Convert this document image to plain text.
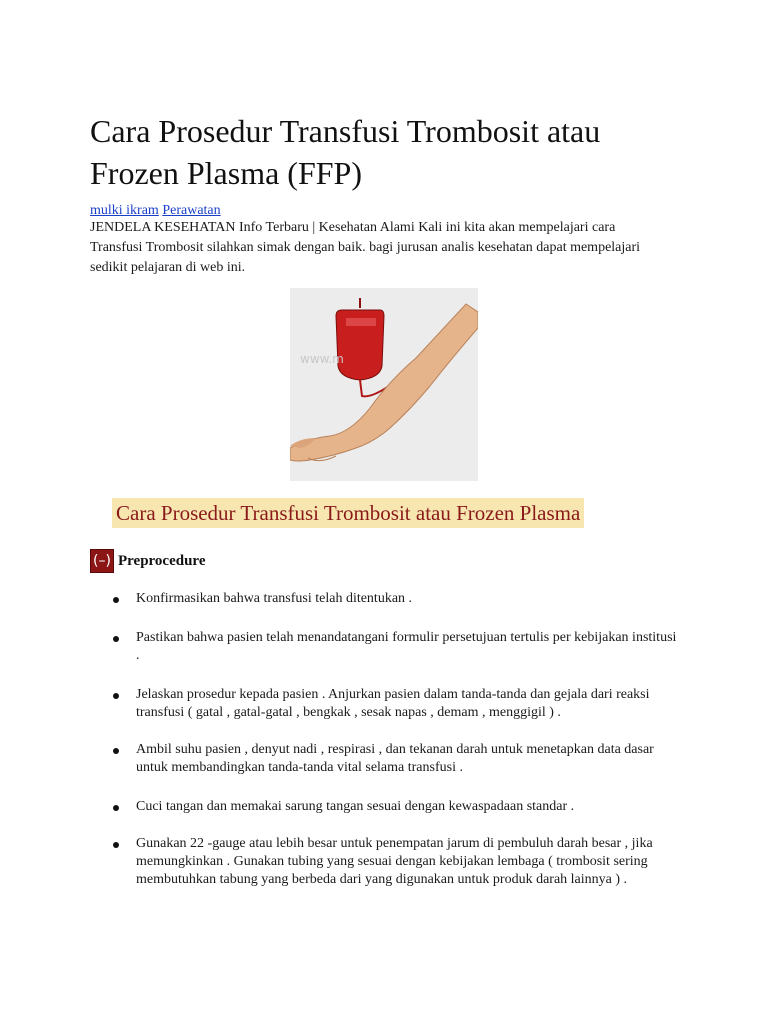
Cara Prosedur Transfusi Trombosit atau Frozen Plasma (FFP)
mulki ikram Perawatan

JENDELA KESEHATAN Info Terbaru | Kesehatan Alami Kali ini kita akan mempelajari cara Transfusi Trombosit silahkan simak dengan baik. bagi jurusan analis kesehatan dapat mempelajari sedikit pelajaran di web ini.

www.m
Cara Prosedur Transfusi Trombosit atau Frozen Plasma
(–) Preprocedure
Konfirmasikan bahwa transfusi telah ditentukan .
Pastikan bahwa pasien telah menandatangani formulir persetujuan tertulis per kebijakan institusi .
Jelaskan prosedur kepada pasien . Anjurkan pasien dalam tanda-tanda dan gejala dari reaksi transfusi ( gatal , gatal-gatal , bengkak , sesak napas , demam , menggigil ) .
Ambil suhu pasien , denyut nadi , respirasi , dan tekanan darah untuk menetapkan data dasar untuk membandingkan tanda-tanda vital selama transfusi .
Cuci tangan dan memakai sarung tangan sesuai dengan kewaspadaan standar .
Gunakan 22 -gauge atau lebih besar untuk penempatan jarum di pembuluh darah besar , jika memungkinkan . Gunakan tubing yang sesuai dengan kebijakan lembaga ( trombosit sering membutuhkan tabung yang berbeda dari yang digunakan untuk produk darah lainnya ) .
